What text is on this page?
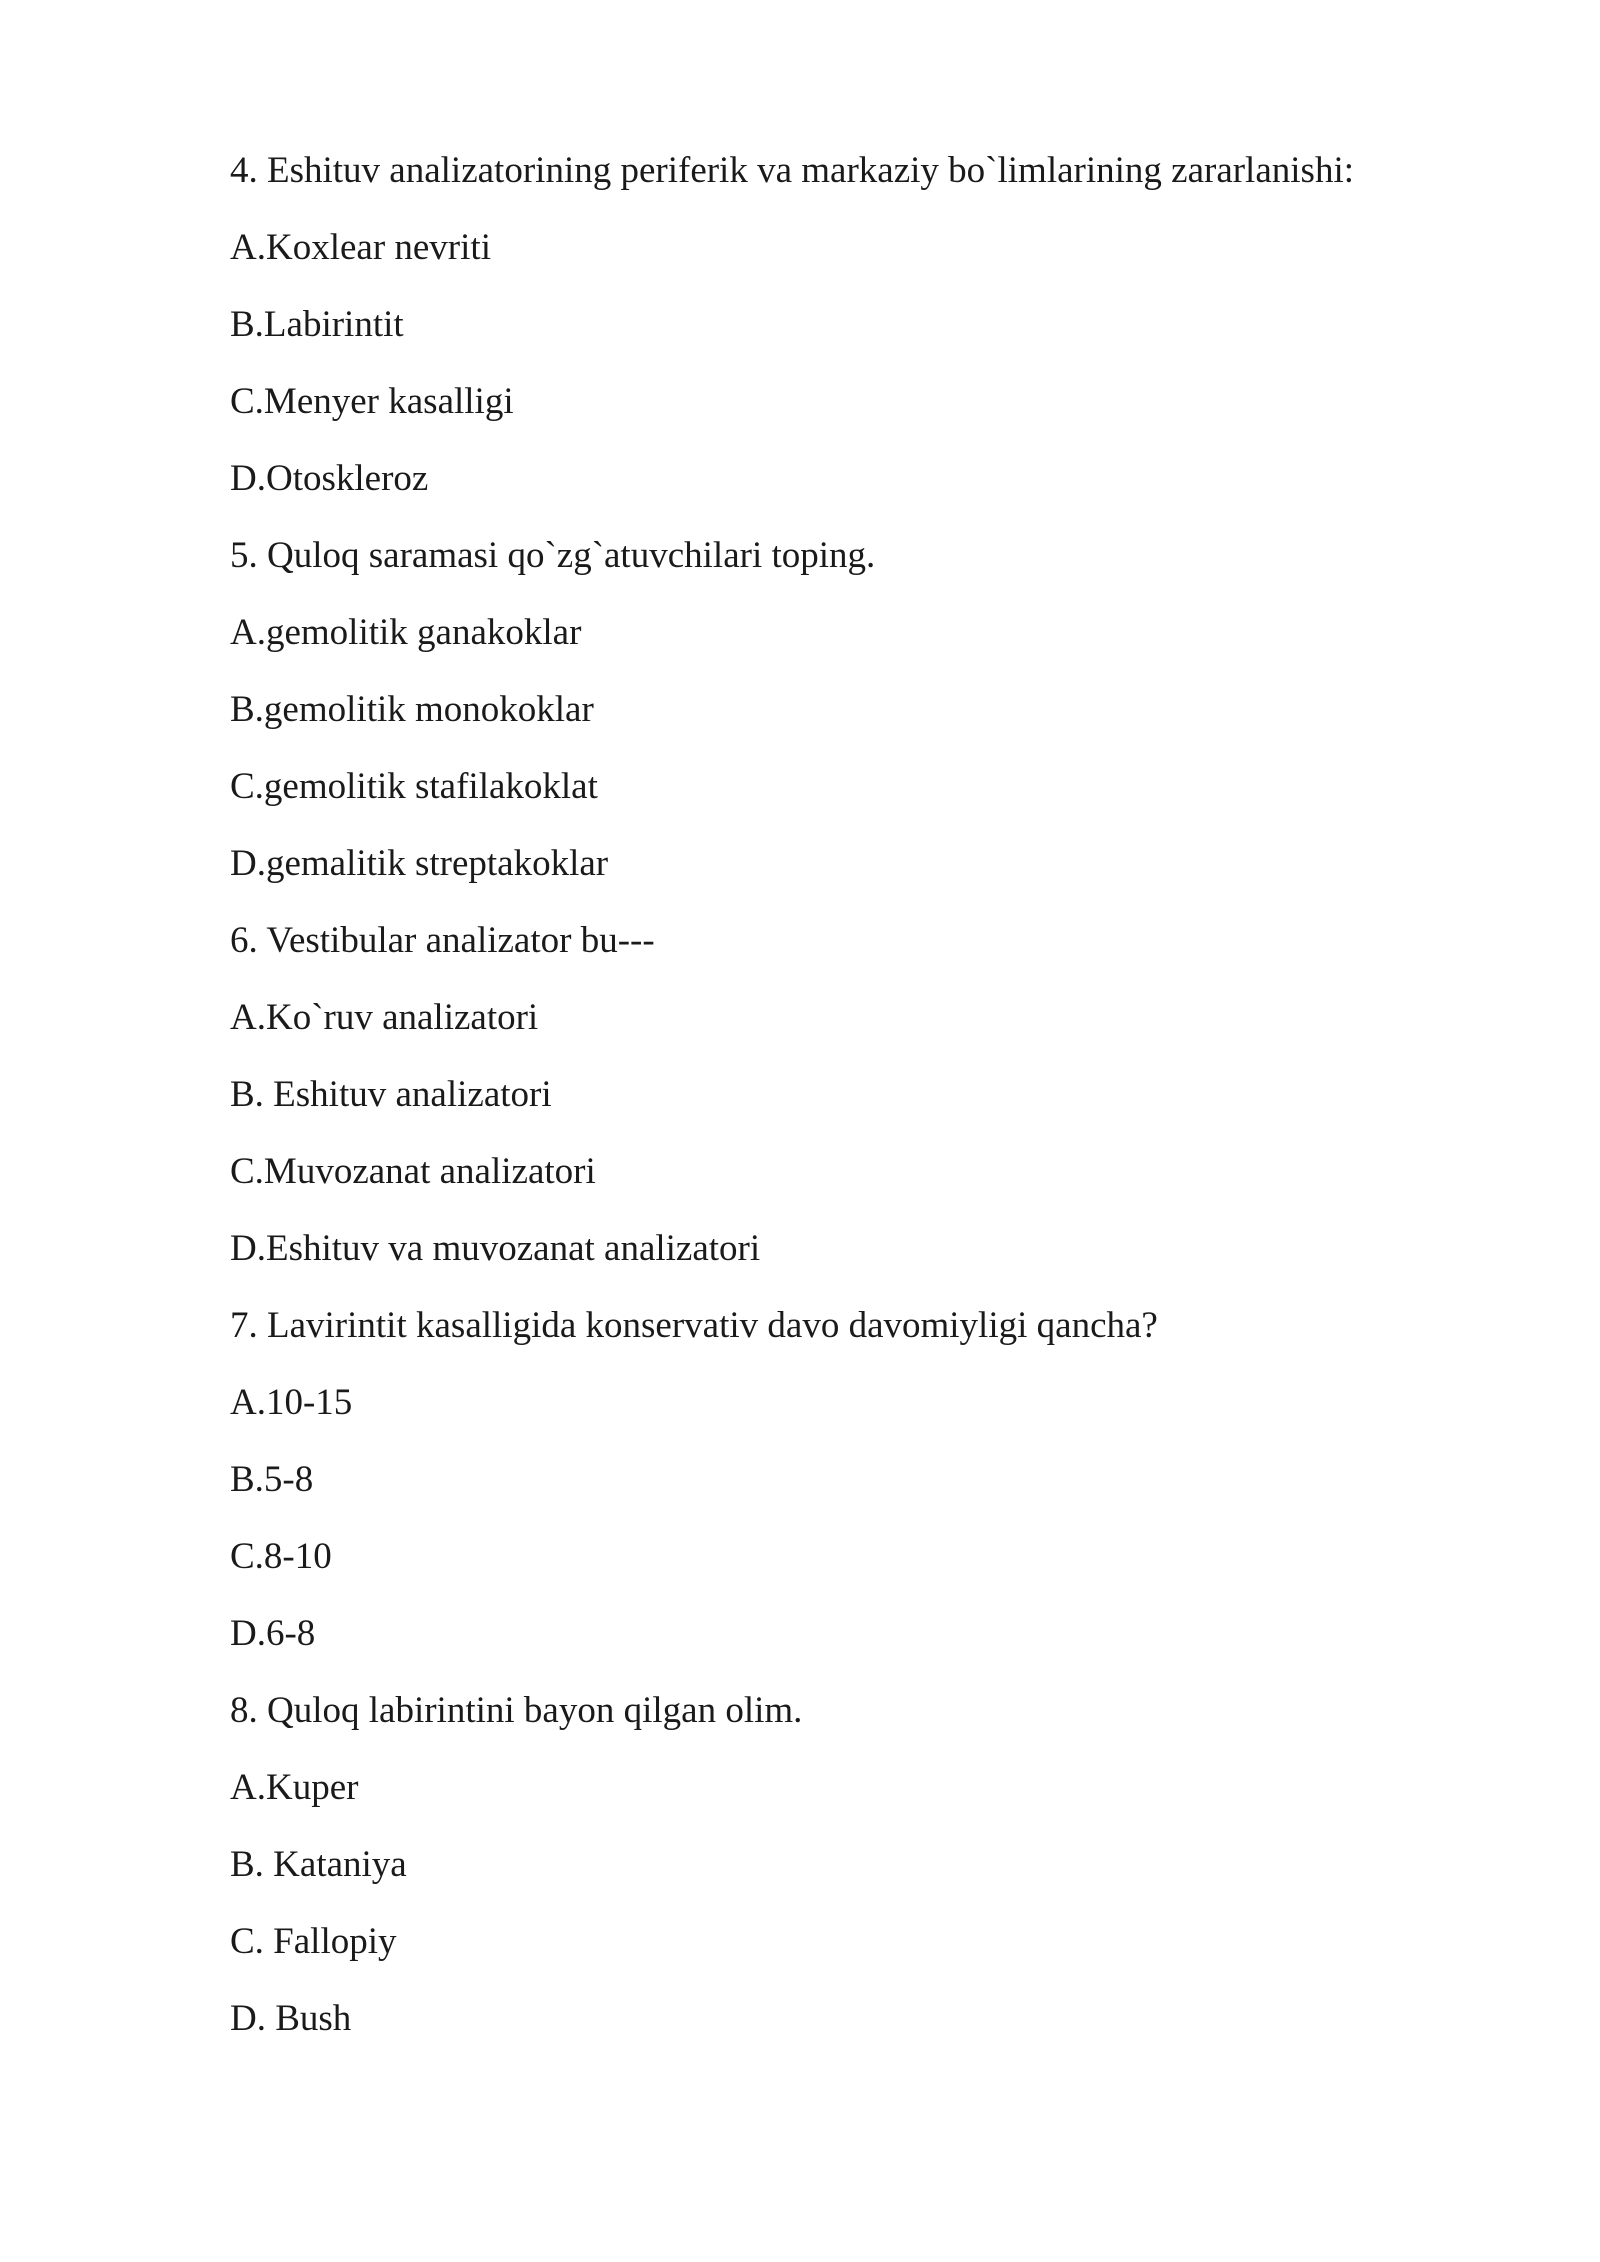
4. Eshituv analizatorining periferik va markaziy bo`limlarining zararlanishi:
A.Koxlear nevriti
B.Labirintit
C.Menyer kasalligi
D.Otoskleroz
5. Quloq saramasi qo`zg`atuvchilari toping.
A.gemolitik ganakoklar
B.gemolitik monokoklar
C.gemolitik stafilakoklat
D.gemalitik streptakoklar
6. Vestibular analizator bu---
A.Ko`ruv analizatori
B. Eshituv analizatori
C.Muvozanat analizatori
D.Eshituv va muvozanat analizatori
7. Lavirintit kasalligida konservativ davo davomiyligi qancha?
A.10-15
B.5-8
C.8-10
D.6-8
8. Quloq labirintini bayon qilgan olim.
A.Kuper
B. Kataniya
C. Fallopiy
D. Bush
